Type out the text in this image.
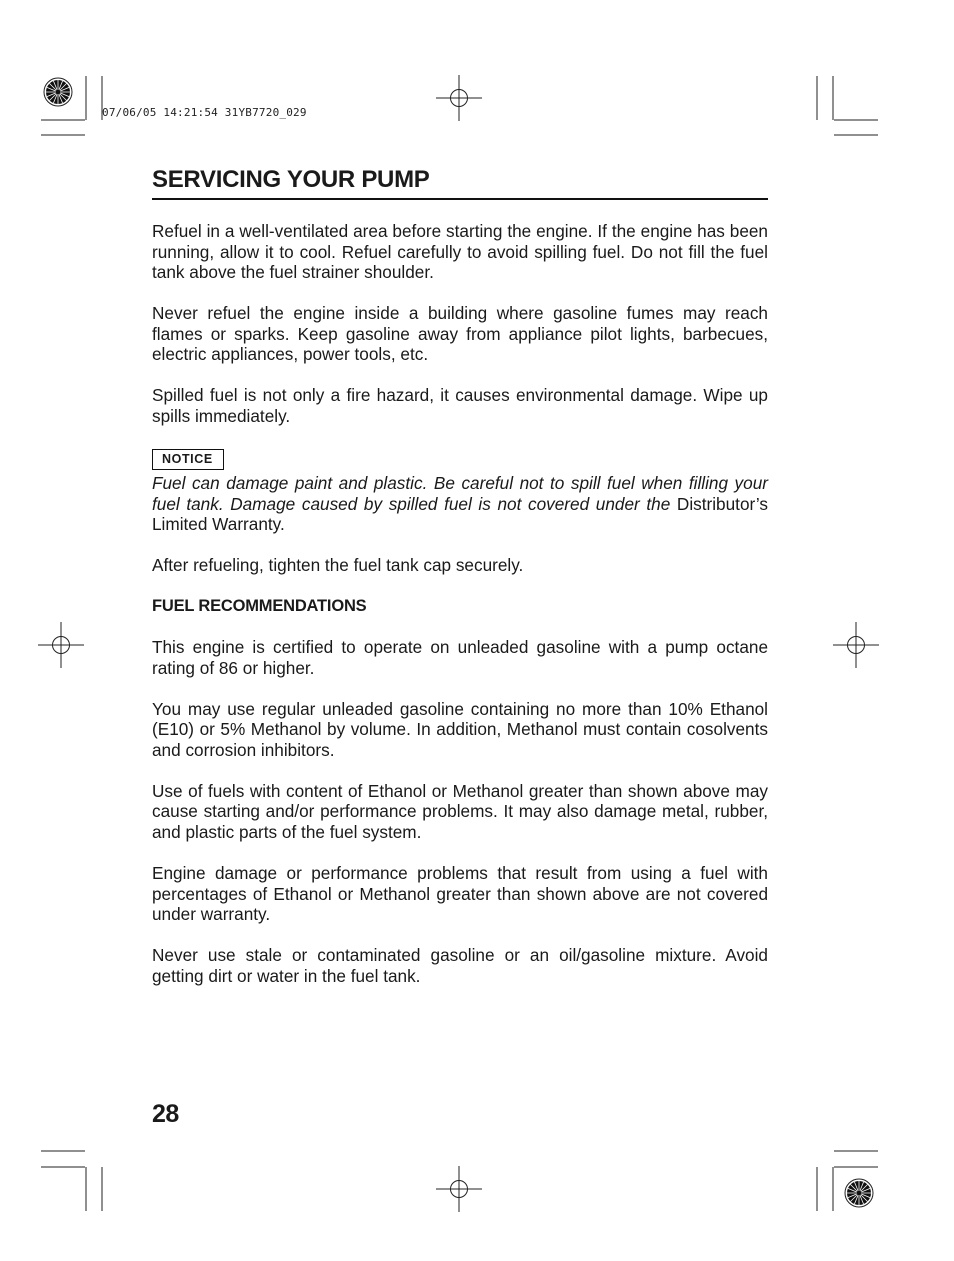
07/06/05 14:21:54 31YB7720_029
SERVICING YOUR PUMP

Refuel in a well-ventilated area before starting the engine. If the engine has been running, allow it to cool. Refuel carefully to avoid spilling fuel. Do not fill the fuel tank above the fuel strainer shoulder.

Never refuel the engine inside a building where gasoline fumes may reach flames or sparks. Keep gasoline away from appliance pilot lights, barbecues, electric appliances, power tools, etc.

Spilled fuel is not only a fire hazard, it causes environmental damage. Wipe up spills immediately.

NOTICE

Fuel can damage paint and plastic. Be careful not to spill fuel when filling your fuel tank. Damage caused by spilled fuel is not covered under the Distributor’s Limited Warranty.

After refueling, tighten the fuel tank cap securely.

FUEL RECOMMENDATIONS

This engine is certified to operate on unleaded gasoline with a pump octane rating of 86 or higher.

You may use regular unleaded gasoline containing no more than 10% Ethanol (E10) or 5% Methanol by volume. In addition, Methanol must contain cosolvents and corrosion inhibitors.

Use of fuels with content of Ethanol or Methanol greater than shown above may cause starting and/or performance problems. It may also damage metal, rubber, and plastic parts of the fuel system.

Engine damage or performance problems that result from using a fuel with percentages of Ethanol or Methanol greater than shown above are not covered under warranty.

Never use stale or contaminated gasoline or an oil/gasoline mixture. Avoid getting dirt or water in the fuel tank.

28
